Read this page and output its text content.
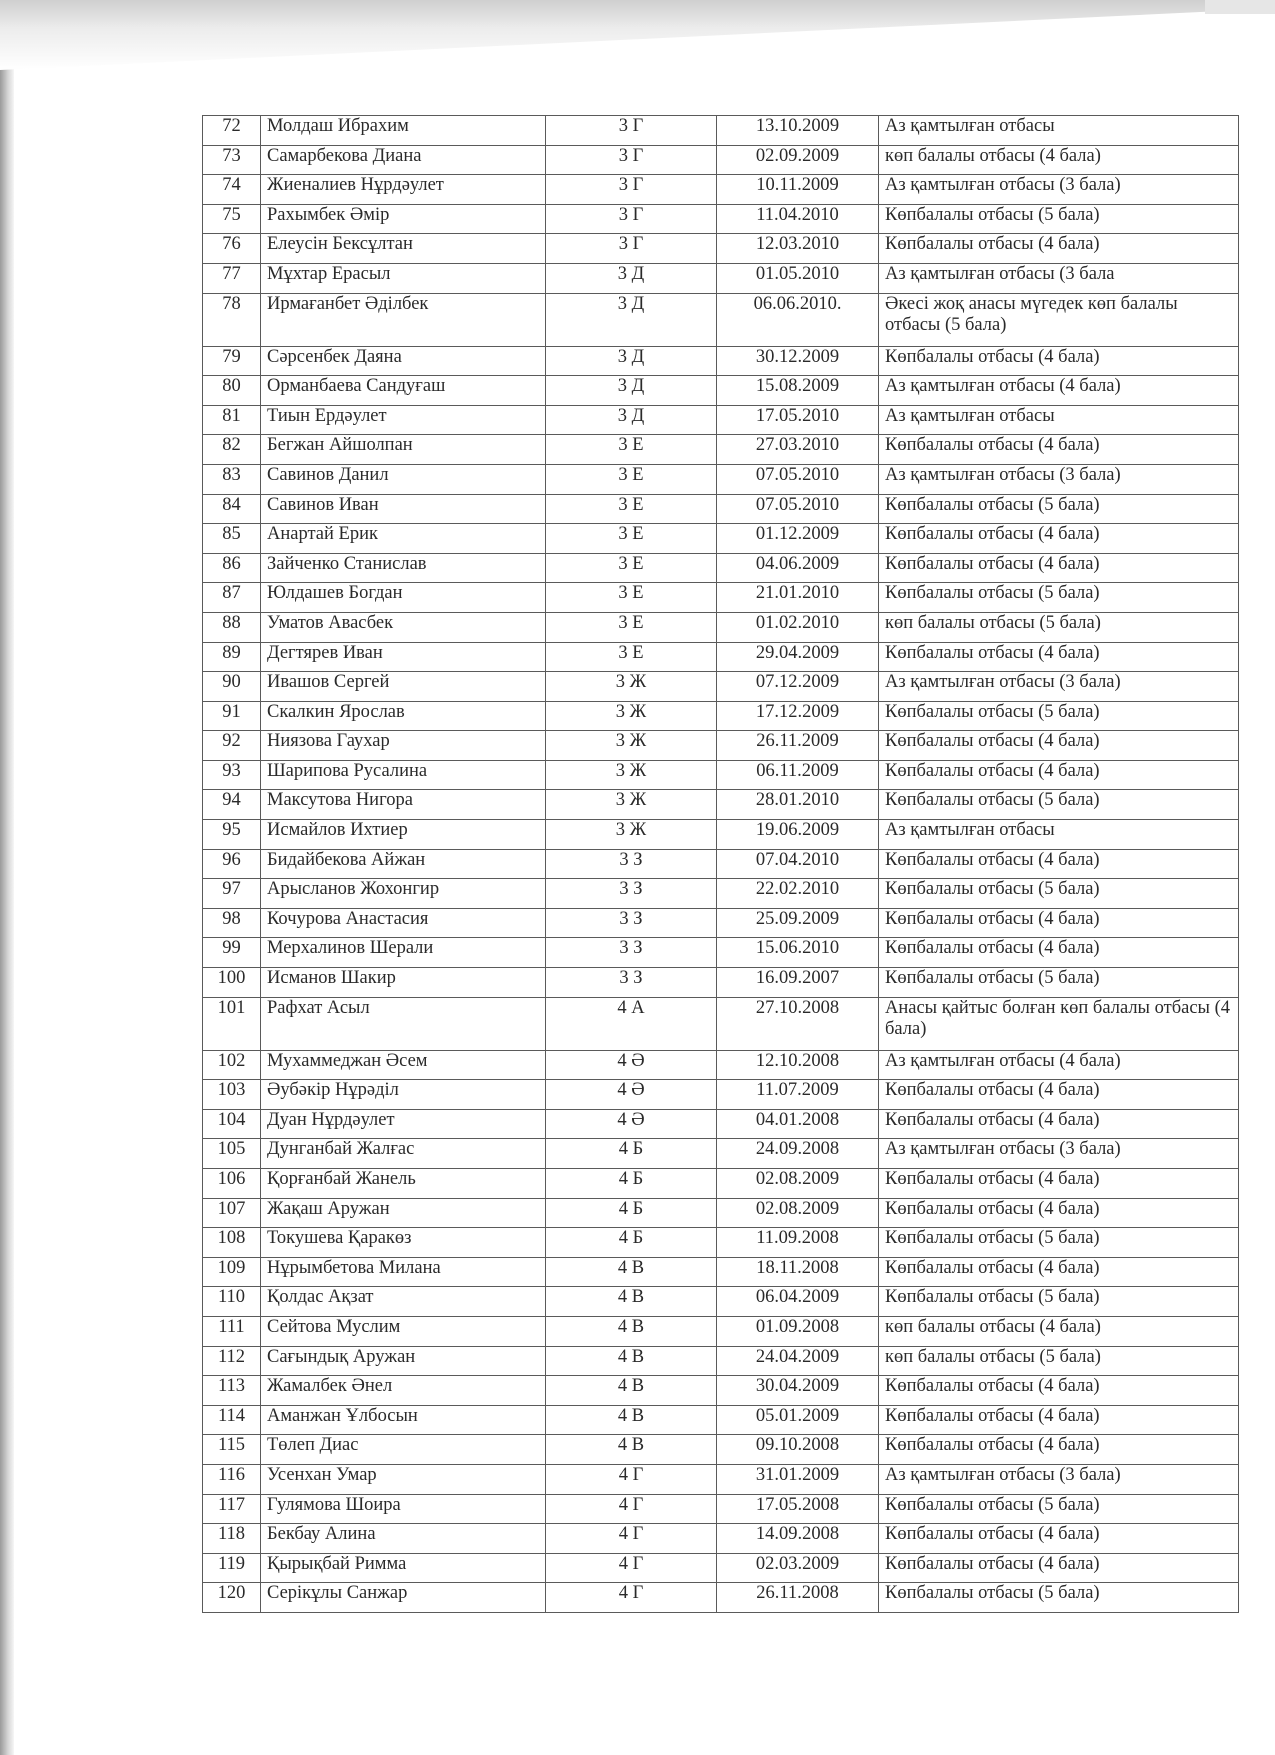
72	Молдаш Ибрахим	3 Г	13.10.2009	Аз қамтылған отбасы
73	Самарбекова Диана	3 Г	02.09.2009	көп балалы отбасы (4 бала)
74	Жиеналиев Нұрдәулет	3 Г	10.11.2009	Аз қамтылған отбасы (3 бала)
75	Рахымбек Әмір	3 Г	11.04.2010	Көпбалалы отбасы (5 бала)
76	Елеусін Бексұлтан	3 Г	12.03.2010	Көпбалалы отбасы (4 бала)
77	Мұхтар Ерасыл	3 Д	01.05.2010	Аз қамтылған отбасы (3 бала
78	Ирмағанбет Әділбек	3 Д	06.06.2010.	Әкесі жоқ анасы мүгедек көп балалы отбасы (5 бала)
79	Сәрсенбек Даяна	3 Д	30.12.2009	Көпбалалы отбасы (4 бала)
80	Орманбаева Сандуғаш	3 Д	15.08.2009	Аз қамтылған отбасы (4 бала)
81	Тиын Ердәулет	3 Д	17.05.2010	Аз қамтылған отбасы
82	Бегжан Айшолпан	3 Е	27.03.2010	Көпбалалы отбасы (4 бала)
83	Савинов Данил	3 Е	07.05.2010	Аз қамтылған отбасы (3 бала)
84	Савинов Иван	3 Е	07.05.2010	Көпбалалы отбасы (5 бала)
85	Анартай Ерик	3 Е	01.12.2009	Көпбалалы отбасы (4 бала)
86	Зайченко Станислав	3 Е	04.06.2009	Көпбалалы отбасы (4 бала)
87	Юлдашев Богдан	3 Е	21.01.2010	Көпбалалы отбасы (5 бала)
88	Уматов Авасбек	3 Е	01.02.2010	көп балалы отбасы (5 бала)
89	Дегтярев Иван	3 Е	29.04.2009	Көпбалалы отбасы (4 бала)
90	Ивашов Сергей	3 Ж	07.12.2009	Аз қамтылған отбасы (3 бала)
91	Скалкин Ярослав	3 Ж	17.12.2009	Көпбалалы отбасы (5 бала)
92	Ниязова Гаухар	3 Ж	26.11.2009	Көпбалалы отбасы (4 бала)
93	Шарипова Русалина	3 Ж	06.11.2009	Көпбалалы отбасы (4 бала)
94	Максутова Нигора	3 Ж	28.01.2010	Көпбалалы отбасы (5 бала)
95	Исмайлов Ихтиер	3 Ж	19.06.2009	Аз қамтылған отбасы
96	Бидайбекова Айжан	3 З	07.04.2010	Көпбалалы отбасы (4 бала)
97	Арысланов Жохонгир	3 З	22.02.2010	Көпбалалы отбасы (5 бала)
98	Кочурова Анастасия	3 З	25.09.2009	Көпбалалы отбасы (4 бала)
99	Мерхалинов Шерали	3 З	15.06.2010	Көпбалалы отбасы (4 бала)
100	Исманов Шакир	3 З	16.09.2007	Көпбалалы отбасы (5 бала)
101	Рафхат Асыл	4 А	27.10.2008	Анасы қайтыс болған көп балалы отбасы (4 бала)
102	Мухаммеджан Әсем	4 Ә	12.10.2008	Аз қамтылған отбасы (4 бала)
103	Әубәкір Нұрәділ	4 Ә	11.07.2009	Көпбалалы отбасы (4 бала)
104	Дуан Нұрдәулет	4 Ә	04.01.2008	Көпбалалы отбасы (4 бала)
105	Дунганбай Жалғас	4 Б	24.09.2008	Аз қамтылған отбасы (3 бала)
106	Қорғанбай Жанель	4 Б	02.08.2009	Көпбалалы отбасы (4 бала)
107	Жақаш Аружан	4 Б	02.08.2009	Көпбалалы отбасы (4 бала)
108	Токушева Қаракөз	4 Б	11.09.2008	Көпбалалы отбасы (5 бала)
109	Нұрымбетова Милана	4 В	18.11.2008	Көпбалалы отбасы (4 бала)
110	Қолдас Ақзат	4 В	06.04.2009	Көпбалалы отбасы (5 бала)
111	Сейтова Муслим	4 В	01.09.2008	көп балалы отбасы (4 бала)
112	Сағындық Аружан	4 В	24.04.2009	көп балалы отбасы (5 бала)
113	Жамалбек Әнел	4 В	30.04.2009	Көпбалалы отбасы (4 бала)
114	Аманжан Ұлбосын	4 В	05.01.2009	Көпбалалы отбасы (4 бала)
115	Төлеп Диас	4 В	09.10.2008	Көпбалалы отбасы (4 бала)
116	Усенхан Умар	4 Г	31.01.2009	Аз қамтылған отбасы (3 бала)
117	Гулямова Шоира	4 Г	17.05.2008	Көпбалалы отбасы (5 бала)
118	Бекбау Алина	4 Г	14.09.2008	Көпбалалы отбасы (4 бала)
119	Қырықбай Римма	4 Г	02.03.2009	Көпбалалы отбасы (4 бала)
120	Серікұлы Санжар	4 Г	26.11.2008	Көпбалалы отбасы (5 бала)
